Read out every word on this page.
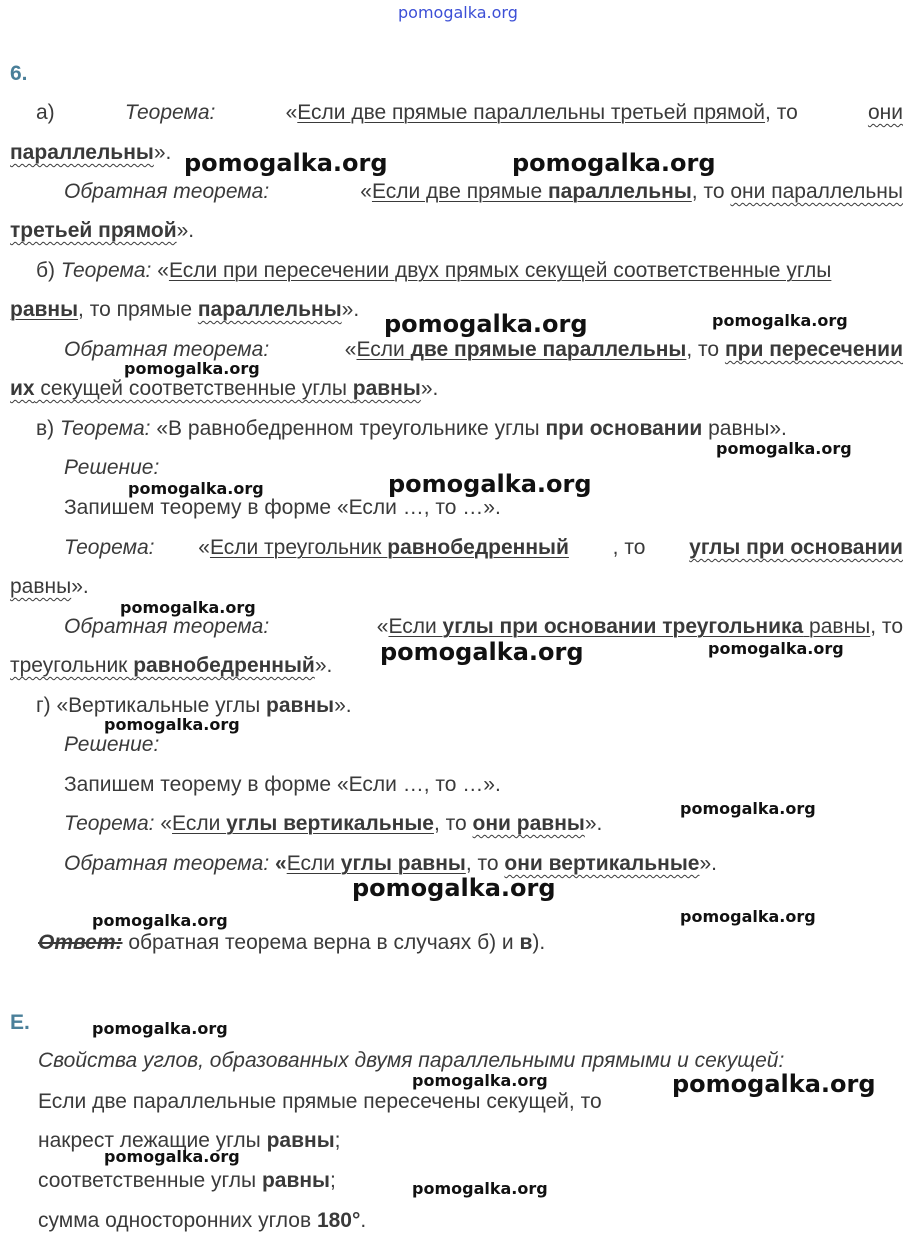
pomogalka.org
6.
а)	Теорема:	«Если две прямые параллельны третьей прямой, то	они
параллельны».
Обратная теорема:	«Если две прямые параллельны, то они параллельны
третьей прямой».
б) Теорема: «Если при пересечении двух прямых секущей соответственные углы
равны, то прямые параллельны».
Обратная теорема:	«Если две прямые параллельны, то при пересечении
их секущей соответственные углы равны».
в) Теорема: «В равнобедренном треугольнике углы при основании равны».
Решение:
Запишем теорему в форме «Если …, то …».
Теорема: «Если треугольник равнобедренный , то углы при основании
равны».
Обратная теорема:	«Если углы при основании треугольника равны, то
треугольник равнобедренный».
г) «Вертикальные углы равны».
Решение:
Запишем теорему в форме «Если …, то …».
Теорема: «Если углы вертикальные, то они равны».
Обратная теорема: «Если углы равны, то они вертикальные».
Ответ: обратная теорема верна в случаях б) и в).
Е.
Свойства углов, образованных двумя параллельными прямыми и секущей:
Если две параллельные прямые пересечены секущей, то
накрест лежащие углы равны;
соответственные углы равны;
сумма односторонних углов 180°.
pomogalka.org	pomogalka.org
pomogalka.org	pomogalka.org
pomogalka.org
pomogalka.org
pomogalka.org
pomogalka.org
pomogalka.org
pomogalka.org	pomogalka.org
pomogalka.org
pomogalka.org
pomogalka.org
pomogalka.org	pomogalka.org
pomogalka.org
pomogalka.org	pomogalka.org
pomogalka.org
pomogalka.org
